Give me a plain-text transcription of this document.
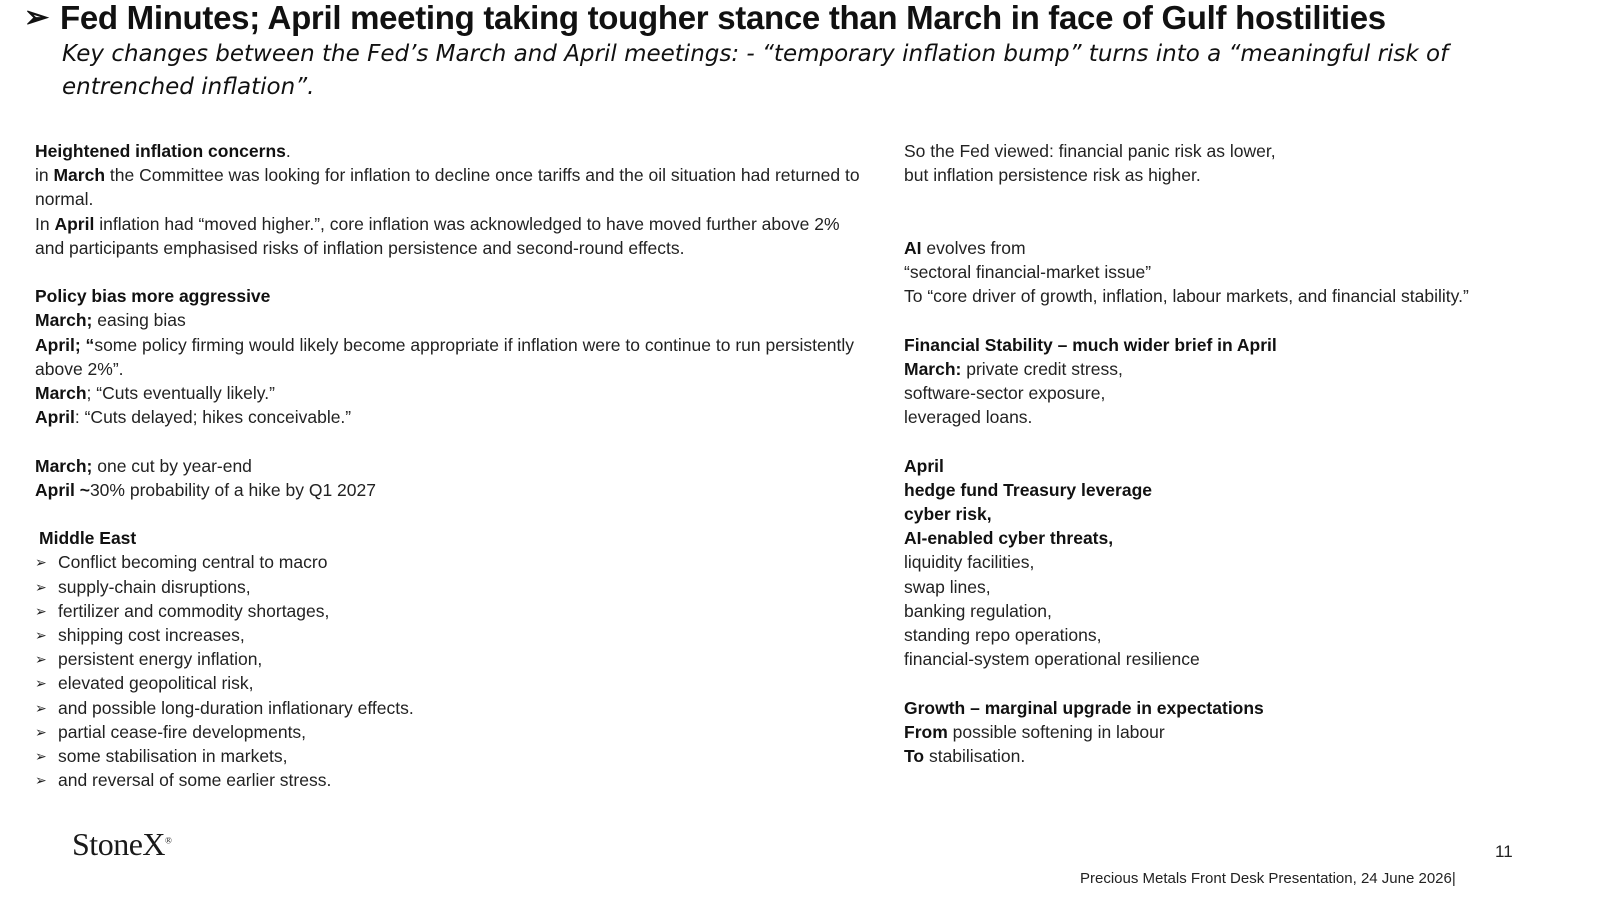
➢ Fed Minutes; April meeting taking tougher stance than March in face of Gulf hostilities
Key changes between the Fed’s March and April meetings: - “temporary inflation bump” turns into a “meaningful risk of entrenched inflation”.
Heightened inflation concerns.
in March the Committee was looking for inflation to decline once tariffs and the oil situation had returned to normal.
In April inflation had “moved higher.”, core inflation was acknowledged to have moved further above 2% and participants emphasised risks of inflation persistence and second-round effects.
Policy bias more aggressive
March; easing bias
April; “some policy firming would likely become appropriate if inflation were to continue to run persistently above 2%”.
March; “Cuts eventually likely.”
April: “Cuts delayed; hikes conceivable.”
March; one cut by year-end
April ~30% probability of a hike by Q1 2027
Middle East
➢ Conflict becoming central to macro
➢ supply-chain disruptions,
➢ fertilizer and commodity shortages,
➢ shipping cost increases,
➢ persistent energy inflation,
➢ elevated geopolitical risk,
➢ and possible long-duration inflationary effects.
➢ partial cease-fire developments,
➢ some stabilisation in markets,
➢ and reversal of some earlier stress.
So the Fed viewed: financial panic risk as lower,
but inflation persistence risk as higher.
AI evolves from
“sectoral financial-market issue”
To “core driver of growth, inflation, labour markets, and financial stability.”
Financial Stability – much wider brief in April
March: private credit stress,
software-sector exposure,
leveraged loans.
April
hedge fund Treasury leverage
cyber risk,
AI-enabled cyber threats,
liquidity facilities,
swap lines,
banking regulation,
standing repo operations,
financial-system operational resilience
Growth – marginal upgrade in expectations
From possible softening in labour
To stabilisation.
StoneX®
11
Precious Metals Front Desk Presentation, 24 June 2026|
